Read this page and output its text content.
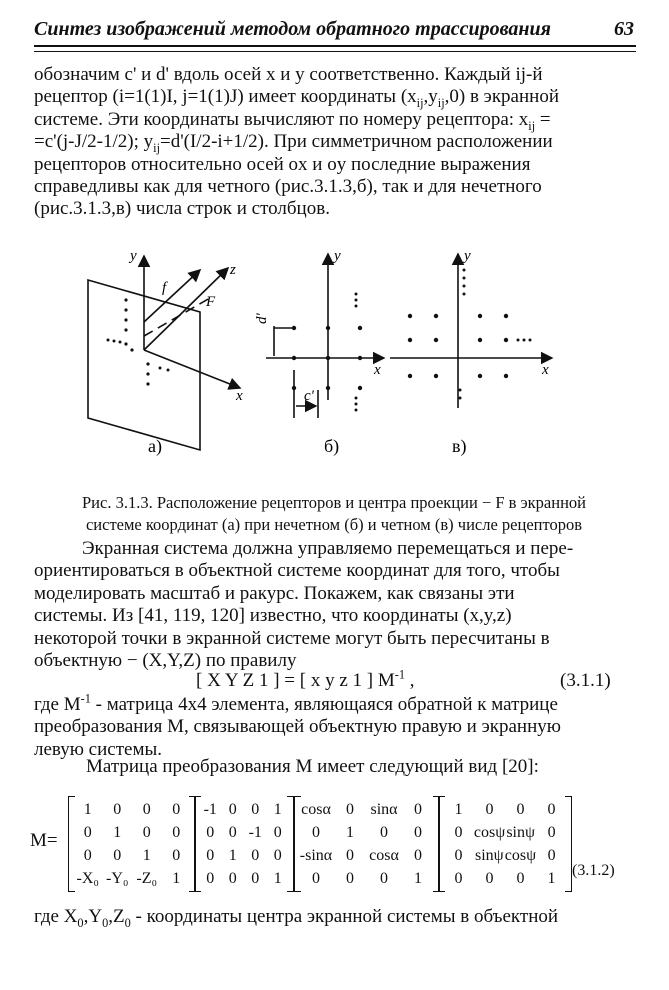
Синтез изображений методом обратного трассирования	63
обозначим c' и d' вдоль осей x и y соответственно. Каждый ij-й
рецептор (i=1(1)I, j=1(1)J) имеет координаты $(x_{ij},y_{ij},0)$ в экранной
системе. Эти координаты вычисляют по номеру рецептора: $x_{ij}$ =
=c'(j-J/2-1/2); $y_{ij}=d'(I/2-i+1/2)$. При симметричном расположении
рецепторов относительно осей ox и oy последние выражения
справедливы как для четного (рис.3.1.3,б), так и для нечетного
(рис.3.1.3,в) числа строк и столбцов.
y
x
z
f
F
а)
y
x
c'
d'
б)
y
x
в)
Рис. 3.1.3. Расположение рецепторов и центра проекции − F в экранной
системе координат (а) при нечетном (б) и четном (в) числе рецепторов
Экранная система должна управляемо перемещаться и пере-
ориентироваться в объектной системе координат для того, чтобы
моделировать масштаб и ракурс. Покажем, как связаны эти
системы. Из [41, 119, 120] известно, что координаты (x,y,z)
некоторой точки в экранной системе могут быть пересчитаны в
объектную − (X,Y,Z) по правилу
[ X Y Z 1 ] = [ x y z 1 ] $M^{-1}$ ,	(3.1.1)
где $M^{-1}$ - матрица 4x4 элемента, являющаяся обратной к матрице
преобразования M, связывающей объектную правую и экранную
левую системы.
Матрица преобразования M имеет следующий вид [20]:
M=
1	0	0	0
0	1	0	0
0	0	1	0
-X₀ -Y₀ -Z₀ 1
-1 0 0 1
0 0 -1 0
0 1 0 0
0 0 0 1
cosα 0	sinα	0
0	1	0	0
-sinα 0 cosα 0
0	0	0	1
1	0	0	0
0 cosψ sinψ 0
0 sinψ cosψ 0
0	0	0	1	(3.1.2)
где $X_0,Y_0,Z_0$ - координаты центра экранной системы в объектной
